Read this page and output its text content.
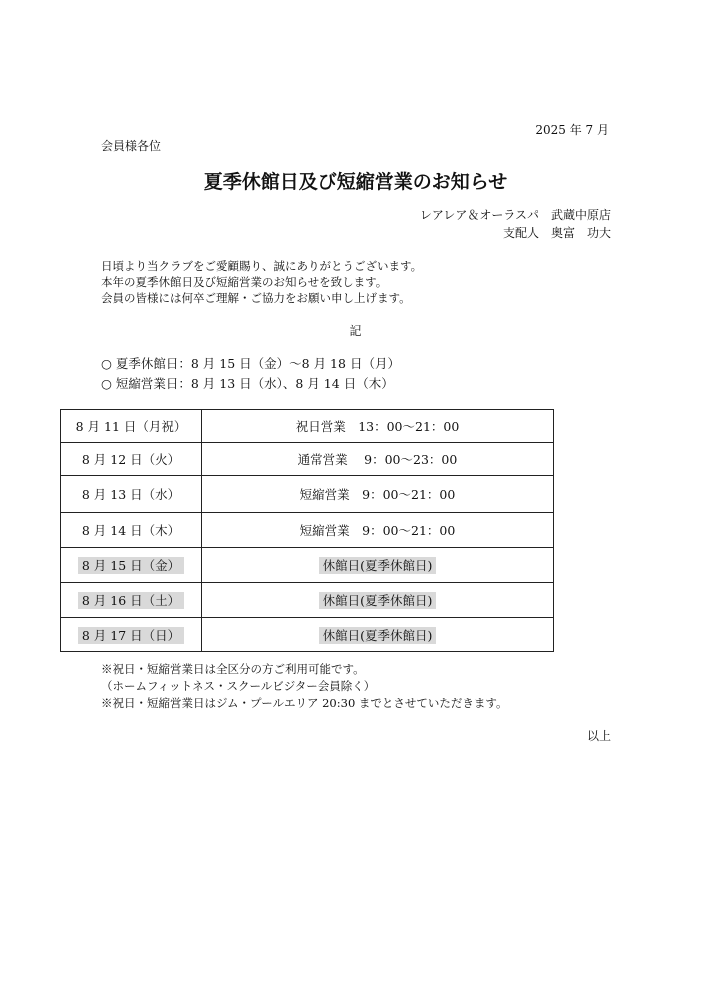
2025 年 7 月
会員様各位
夏季休館日及び短縮営業のお知らせ
レアレア＆オーラスパ　武蔵中原店
支配人　奥富　功大
日頃より当クラブをご愛顧賜り、誠にありがとうございます。
本年の夏季休館日及び短縮営業のお知らせを致します。
会員の皆様には何卒ご理解・ご協力をお願い申し上げます。
記
○ 夏季休館日：8 月 15 日（金）～8 月 18 日（月）
○ 短縮営業日：8 月 13 日（水）、8 月 14 日（木）
8 月 11 日（月祝）	祝日営業　13：00～21：00
8 月 12 日（火）	通常営業　 9：00～23：00
8 月 13 日（水）	短縮営業　9：00～21：00
8 月 14 日（木）	短縮営業　9：00～21：00
8 月 15 日（金）	休館日(夏季休館日)
8 月 16 日（土）	休館日(夏季休館日)
8 月 17 日（日）	休館日(夏季休館日)
※祝日・短縮営業日は全区分の方ご利用可能です。
（ホームフィットネス・スクールビジター会員除く）
※祝日・短縮営業日はジム・プールエリア 20:30 までとさせていただきます。
以上
